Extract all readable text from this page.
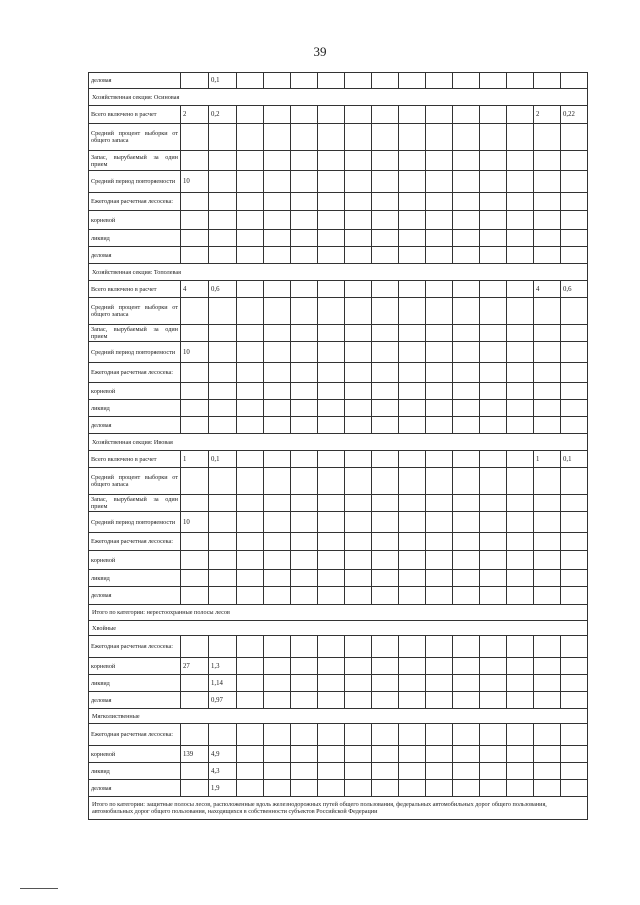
39
деловая		0,1													
Хозяйственная секция: Осиновая															
Всего включено в расчет	2	0,2												2	0,22
Средний процент выборки от общего запаса															
Запас, вырубаемый за один прием															
Средний период повторяемости	10														
Ежегодная расчетная лесосека:															
корневой															
ликвид															
деловая															
Хозяйственная секция: Тополевая															
Всего включено в расчет	4	0,6												4	0,6
Средний процент выборки от общего запаса															
Запас, вырубаемый за один прием															
Средний период повторяемости	10														
Ежегодная расчетная лесосека:															
корневой															
ликвид															
деловая															
Хозяйственная секция: Ивовая															
Всего включено в расчет	1	0,1												1	0,1
Средний процент выборки от общего запаса															
Запас, вырубаемый за один прием															
Средний период повторяемости	10														
Ежегодная расчетная лесосека:															
корневой															
ликвид															
деловая															
Итого по категории: нерестоохранные полосы лесов															
Хвойные															
Ежегодная расчетная лесосека:															
корневой	27	1,3													
ликвид		1,14													
деловая		0,97													
Мягколиственные															
Ежегодная расчетная лесосека:															
корневой	139	4,9													
ликвид		4,3													
деловая		1,9													
Итого по категории: защитные полосы лесов, расположенные вдоль железнодорожных путей общего пользования, федеральных автомобильных дорог общего пользования, автомобильных дорог общего пользования, находящихся в собственности субъектов Российской Федерации															
